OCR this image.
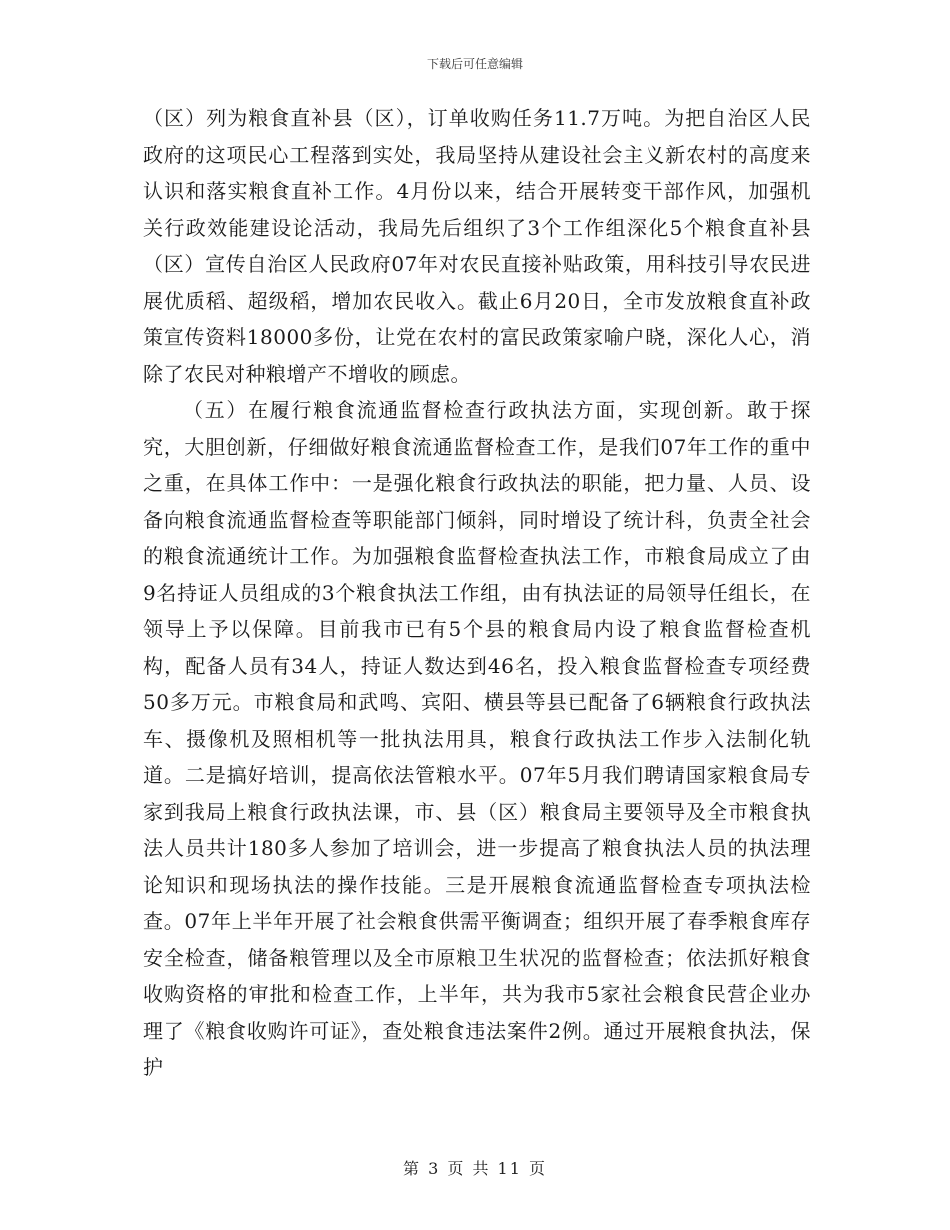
下载后可任意编辑

（区）列为粮食直补县（区），订单收购任务11.7万吨。为把自治区人民政府的这项民心工程落到实处，我局坚持从建设社会主义新农村的高度来认识和落实粮食直补工作。4月份以来，结合开展转变干部作风，加强机关行政效能建设论活动，我局先后组织了3个工作组深化5个粮食直补县（区）宣传自治区人民政府07年对农民直接补贴政策，用科技引导农民进展优质稻、超级稻，增加农民收入。截止6月20日，全市发放粮食直补政策宣传资料18000多份，让党在农村的富民政策家喻户晓，深化人心，消除了农民对种粮增产不增收的顾虑。

（五）在履行粮食流通监督检查行政执法方面，实现创新。敢于探究，大胆创新，仔细做好粮食流通监督检查工作，是我们07年工作的重中之重，在具体工作中：一是强化粮食行政执法的职能，把力量、人员、设备向粮食流通监督检查等职能部门倾斜，同时增设了统计科，负责全社会的粮食流通统计工作。为加强粮食监督检查执法工作，市粮食局成立了由9名持证人员组成的3个粮食执法工作组，由有执法证的局领导任组长，在领导上予以保障。目前我市已有5个县的粮食局内设了粮食监督检查机构，配备人员有34人，持证人数达到46名，投入粮食监督检查专项经费50多万元。市粮食局和武鸣、宾阳、横县等县已配备了6辆粮食行政执法车、摄像机及照相机等一批执法用具，粮食行政执法工作步入法制化轨道。二是搞好培训，提高依法管粮水平。07年5月我们聘请国家粮食局专家到我局上粮食行政执法课，市、县（区）粮食局主要领导及全市粮食执法人员共计180多人参加了培训会，进一步提高了粮食执法人员的执法理论知识和现场执法的操作技能。三是开展粮食流通监督检查专项执法检查。07年上半年开展了社会粮食供需平衡调查；组织开展了春季粮食库存安全检查，储备粮管理以及全市原粮卫生状况的监督检查；依法抓好粮食收购资格的审批和检查工作，上半年，共为我市5家社会粮食民营企业办理了《粮食收购许可证》，查处粮食违法案件2例。通过开展粮食执法，保护

第 3 页 共 11 页
